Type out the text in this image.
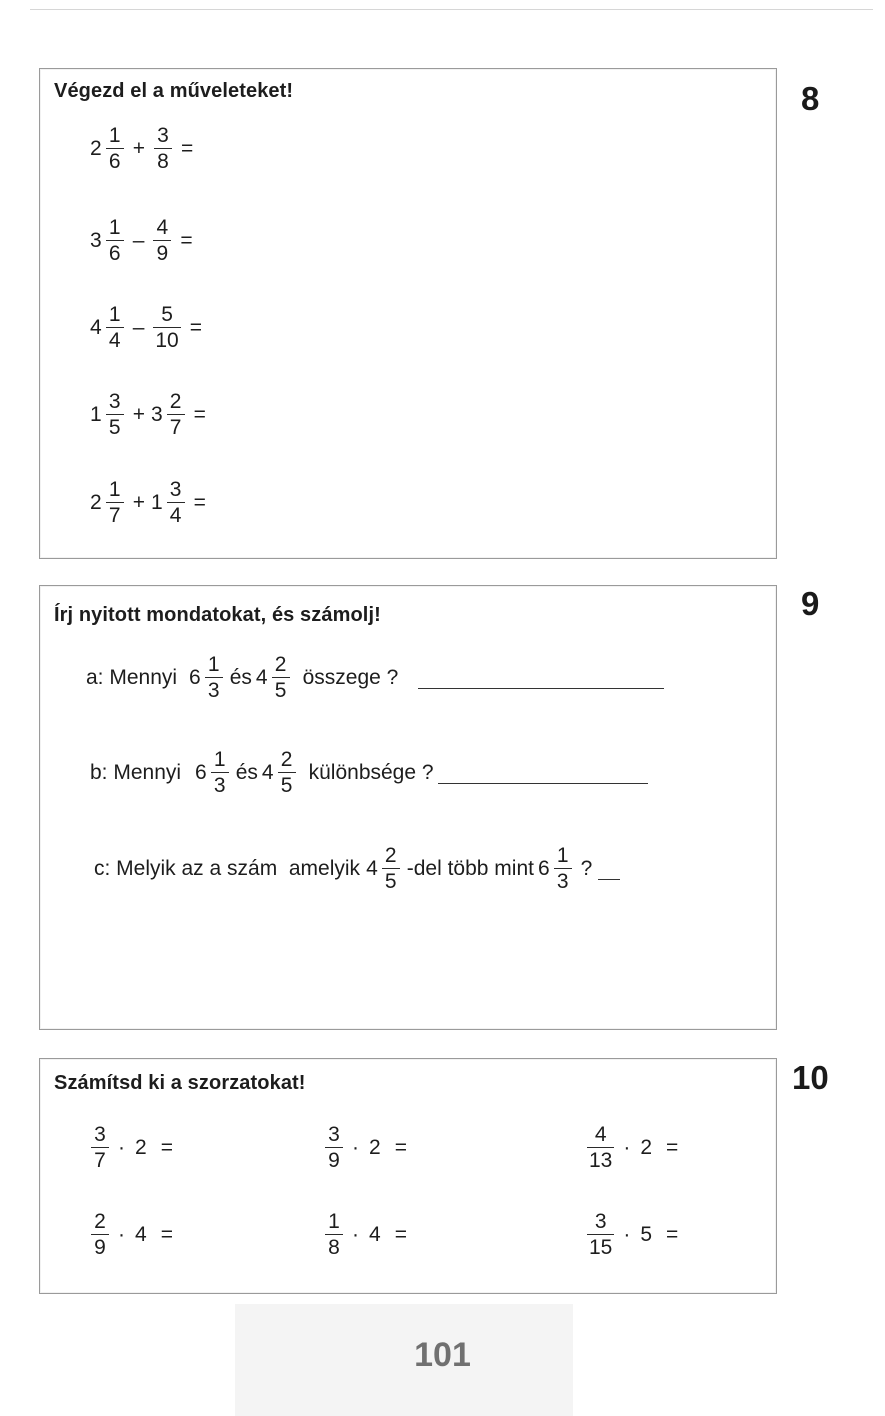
Végezd el a műveleteket!	8
$2 \frac{1}{6} + \frac{3}{8}$ =
$3 \frac{1}{6} - \frac{4}{9}$ =
$4 \frac{1}{4} - \frac{5}{10}$ =
$1 \frac{3}{5} + 3 \frac{2}{7}$ =
$2 \frac{1}{7} + 1 \frac{3}{4}$ =
Írj nyitott mondatokat, és számolj!	9
a: Mennyi $6 \frac{1}{3}$ és $4 \frac{2}{5}$ összege ?
b: Mennyi $6 \frac{1}{3}$ és $4 \frac{2}{5}$ különbsége ?
c: Melyik az a szám  amelyik $4 \frac{2}{5} -del$ több mint $6 \frac{1}{3}$ ?
Számítsd ki a szorzatokat!	10
$\frac{3}{7} \cdot 2$ =	$\frac{3}{9} \cdot 2$ =	$\frac{4}{13} \cdot 2$ =
$\frac{2}{9} \cdot 4$ =	$\frac{1}{8} \cdot 4$ =	$\frac{3}{15} \cdot 5$ =
101
